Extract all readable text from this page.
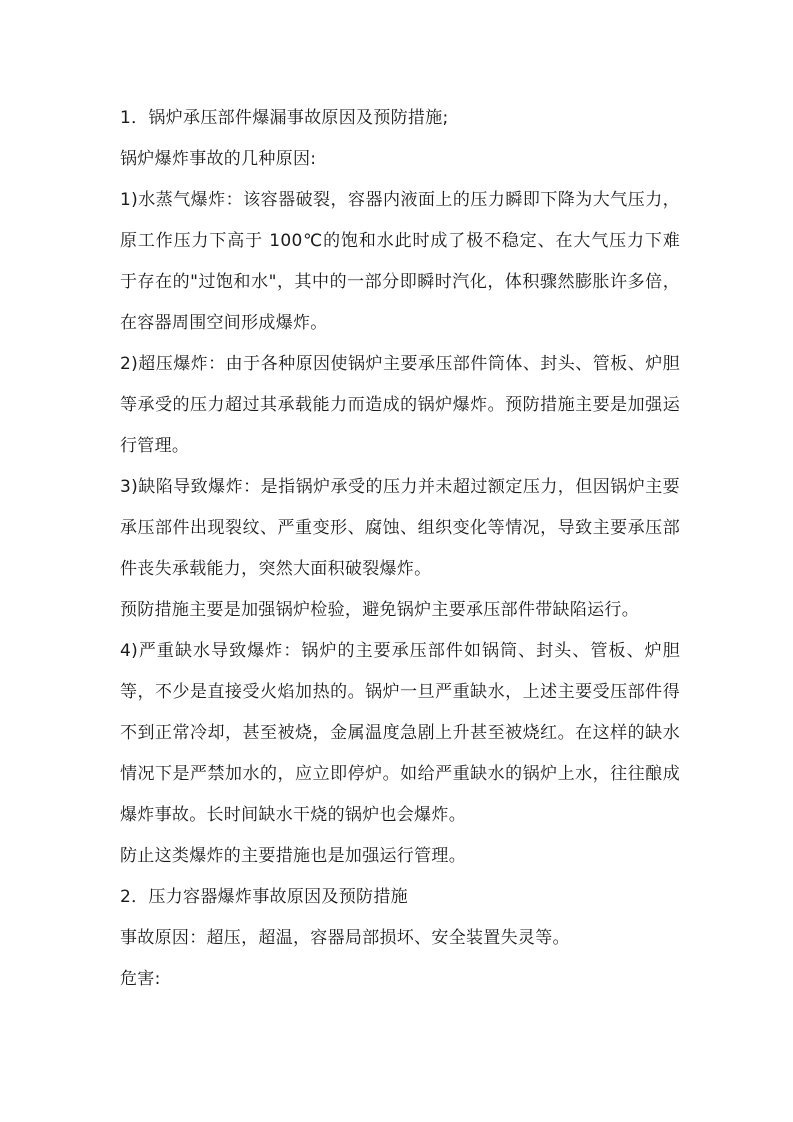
1．锅炉承压部件爆漏事故原因及预防措施;

锅炉爆炸事故的几种原因:

1)水蒸气爆炸：该容器破裂，容器内液面上的压力瞬即下降为大气压力，原工作压力下高于 100℃的饱和水此时成了极不稳定、在大气压力下难于存在的"过饱和水"，其中的一部分即瞬时汽化，体积骤然膨胀许多倍，在容器周围空间形成爆炸。

2)超压爆炸：由于各种原因使锅炉主要承压部件筒体、封头、管板、炉胆等承受的压力超过其承载能力而造成的锅炉爆炸。预防措施主要是加强运行管理。

3)缺陷导致爆炸：是指锅炉承受的压力并未超过额定压力，但因锅炉主要承压部件出现裂纹、严重变形、腐蚀、组织变化等情况，导致主要承压部件丧失承载能力，突然大面积破裂爆炸。

预防措施主要是加强锅炉检验，避免锅炉主要承压部件带缺陷运行。

4)严重缺水导致爆炸：锅炉的主要承压部件如锅筒、封头、管板、炉胆等，不少是直接受火焰加热的。锅炉一旦严重缺水，上述主要受压部件得不到正常冷却，甚至被烧，金属温度急剧上升甚至被烧红。在这样的缺水情况下是严禁加水的，应立即停炉。如给严重缺水的锅炉上水，往往酿成爆炸事故。长时间缺水干烧的锅炉也会爆炸。

防止这类爆炸的主要措施也是加强运行管理。

2．压力容器爆炸事故原因及预防措施

事故原因：超压，超温，容器局部损坏、安全装置失灵等。

危害:
